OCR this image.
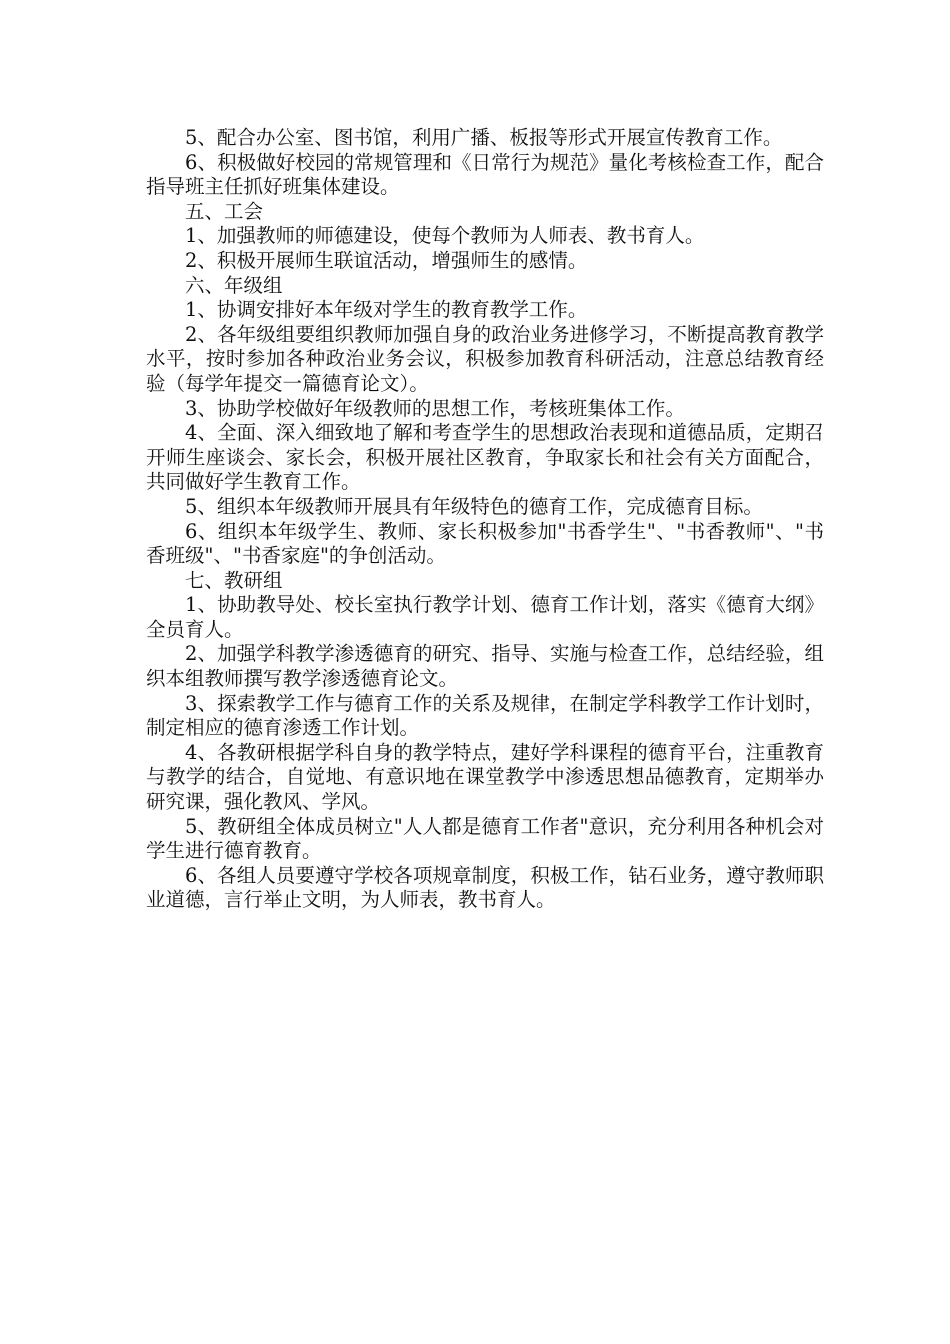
5、配合办公室、图书馆，利用广播、板报等形式开展宣传教育工作。

6、积极做好校园的常规管理和《日常行为规范》量化考核检查工作，配合指导班主任抓好班集体建设。

五、工会

1、加强教师的师德建设，使每个教师为人师表、教书育人。

2、积极开展师生联谊活动，增强师生的感情。

六、年级组

1、协调安排好本年级对学生的教育教学工作。

2、各年级组要组织教师加强自身的政治业务进修学习，不断提高教育教学水平，按时参加各种政治业务会议，积极参加教育科研活动，注意总结教育经验（每学年提交一篇德育论文）。

3、协助学校做好年级教师的思想工作，考核班集体工作。

4、全面、深入细致地了解和考查学生的思想政治表现和道德品质，定期召开师生座谈会、家长会，积极开展社区教育，争取家长和社会有关方面配合，共同做好学生教育工作。

5、组织本年级教师开展具有年级特色的德育工作，完成德育目标。

6、组织本年级学生、教师、家长积极参加"书香学生"、"书香教师"、"书香班级"、"书香家庭"的争创活动。

七、教研组

1、协助教导处、校长室执行教学计划、德育工作计划，落实《德育大纲》全员育人。

2、加强学科教学渗透德育的研究、指导、实施与检查工作，总结经验，组织本组教师撰写教学渗透德育论文。

3、探索教学工作与德育工作的关系及规律，在制定学科教学工作计划时，制定相应的德育渗透工作计划。

4、各教研根据学科自身的教学特点，建好学科课程的德育平台，注重教育与教学的结合，自觉地、有意识地在课堂教学中渗透思想品德教育，定期举办研究课，强化教风、学风。

5、教研组全体成员树立"人人都是德育工作者"意识，充分利用各种机会对学生进行德育教育。

6、各组人员要遵守学校各项规章制度，积极工作，钻石业务，遵守教师职业道德，言行举止文明，为人师表，教书育人。
